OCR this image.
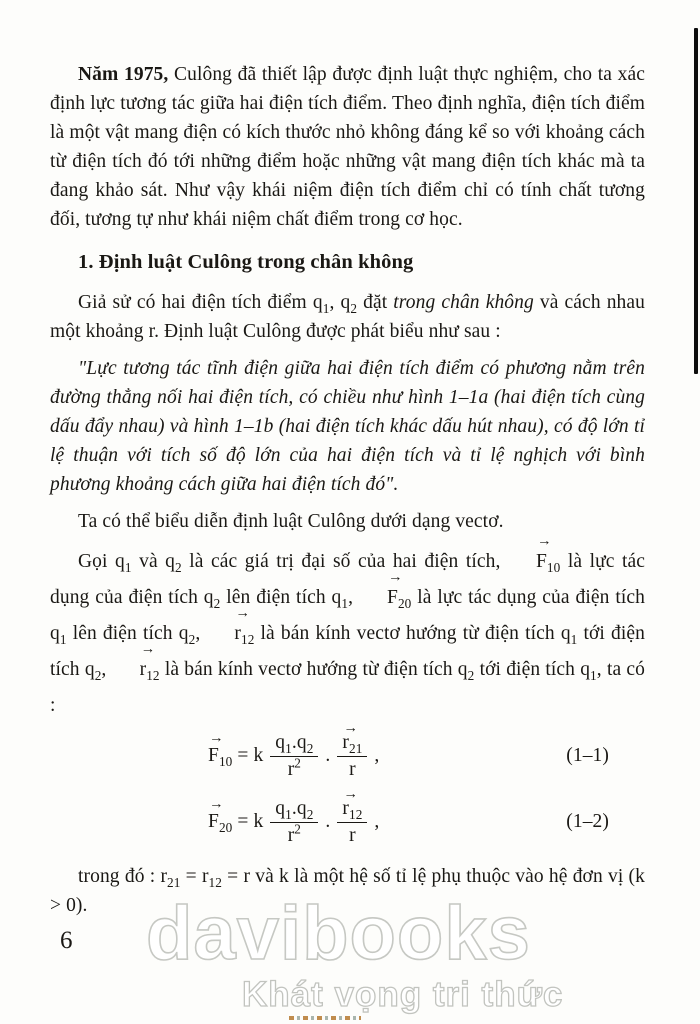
Năm 1975, Culông đã thiết lập được định luật thực nghiệm, cho ta xác định lực tương tác giữa hai điện tích điểm. Theo định nghĩa, điện tích điểm là một vật mang điện có kích thước nhỏ không đáng kể so với khoảng cách từ điện tích đó tới những điểm hoặc những vật mang điện tích khác mà ta đang khảo sát. Như vậy khái niệm điện tích điểm chỉ có tính chất tương đối, tương tự như khái niệm chất điểm trong cơ học.

1. Định luật Culông trong chân không

Giả sử có hai điện tích điểm $q_1$, $q_2$ đặt trong chân không và cách nhau một khoảng r. Định luật Culông được phát biểu như sau :

"Lực tương tác tĩnh điện giữa hai điện tích điểm có phương nằm trên đường thẳng nối hai điện tích, có chiều như hình 1–1a (hai điện tích cùng dấu đẩy nhau) và hình 1–1b (hai điện tích khác dấu hút nhau), có độ lớn tỉ lệ thuận với tích số độ lớn của hai điện tích và tỉ lệ nghịch với bình phương khoảng cách giữa hai điện tích đó".

Ta có thể biểu diễn định luật Culông dưới dạng vectơ.

Gọi $q_1$ và $q_2$ là các giá trị đại số của hai điện tích,
→
$F_{10}$ là lực tác dụng của điện tích $q_2$ lên điện tích $q_1$,
→
$F_{20}$ là lực tác dụng của điện tích $q_1$ lên điện tích $q_2$,
→
$r_{12}$ là bán kính vectơ hướng từ điện tích $q_1$ tới điện tích $q_2$,
→
$r_{12}$ là bán kính vectơ hướng từ điện tích $q_2$ tới điện tích $q_1$, ta có :

→
$F_{10} = k \frac{q_1.q_2}{r^2}$ . →
$r_{21}$
r ,	(1–1)
→
$F_{20} = k \frac{q_1.q_2}{r^2}$ . →
$r_{12}$
r ,	(1–2)

trong đó : $r_{21} = r_{12} = r$ và k là một hệ số tỉ lệ phụ thuộc vào hệ đơn vị (k > 0).

6 davibooks
Khát vọng tri thức
